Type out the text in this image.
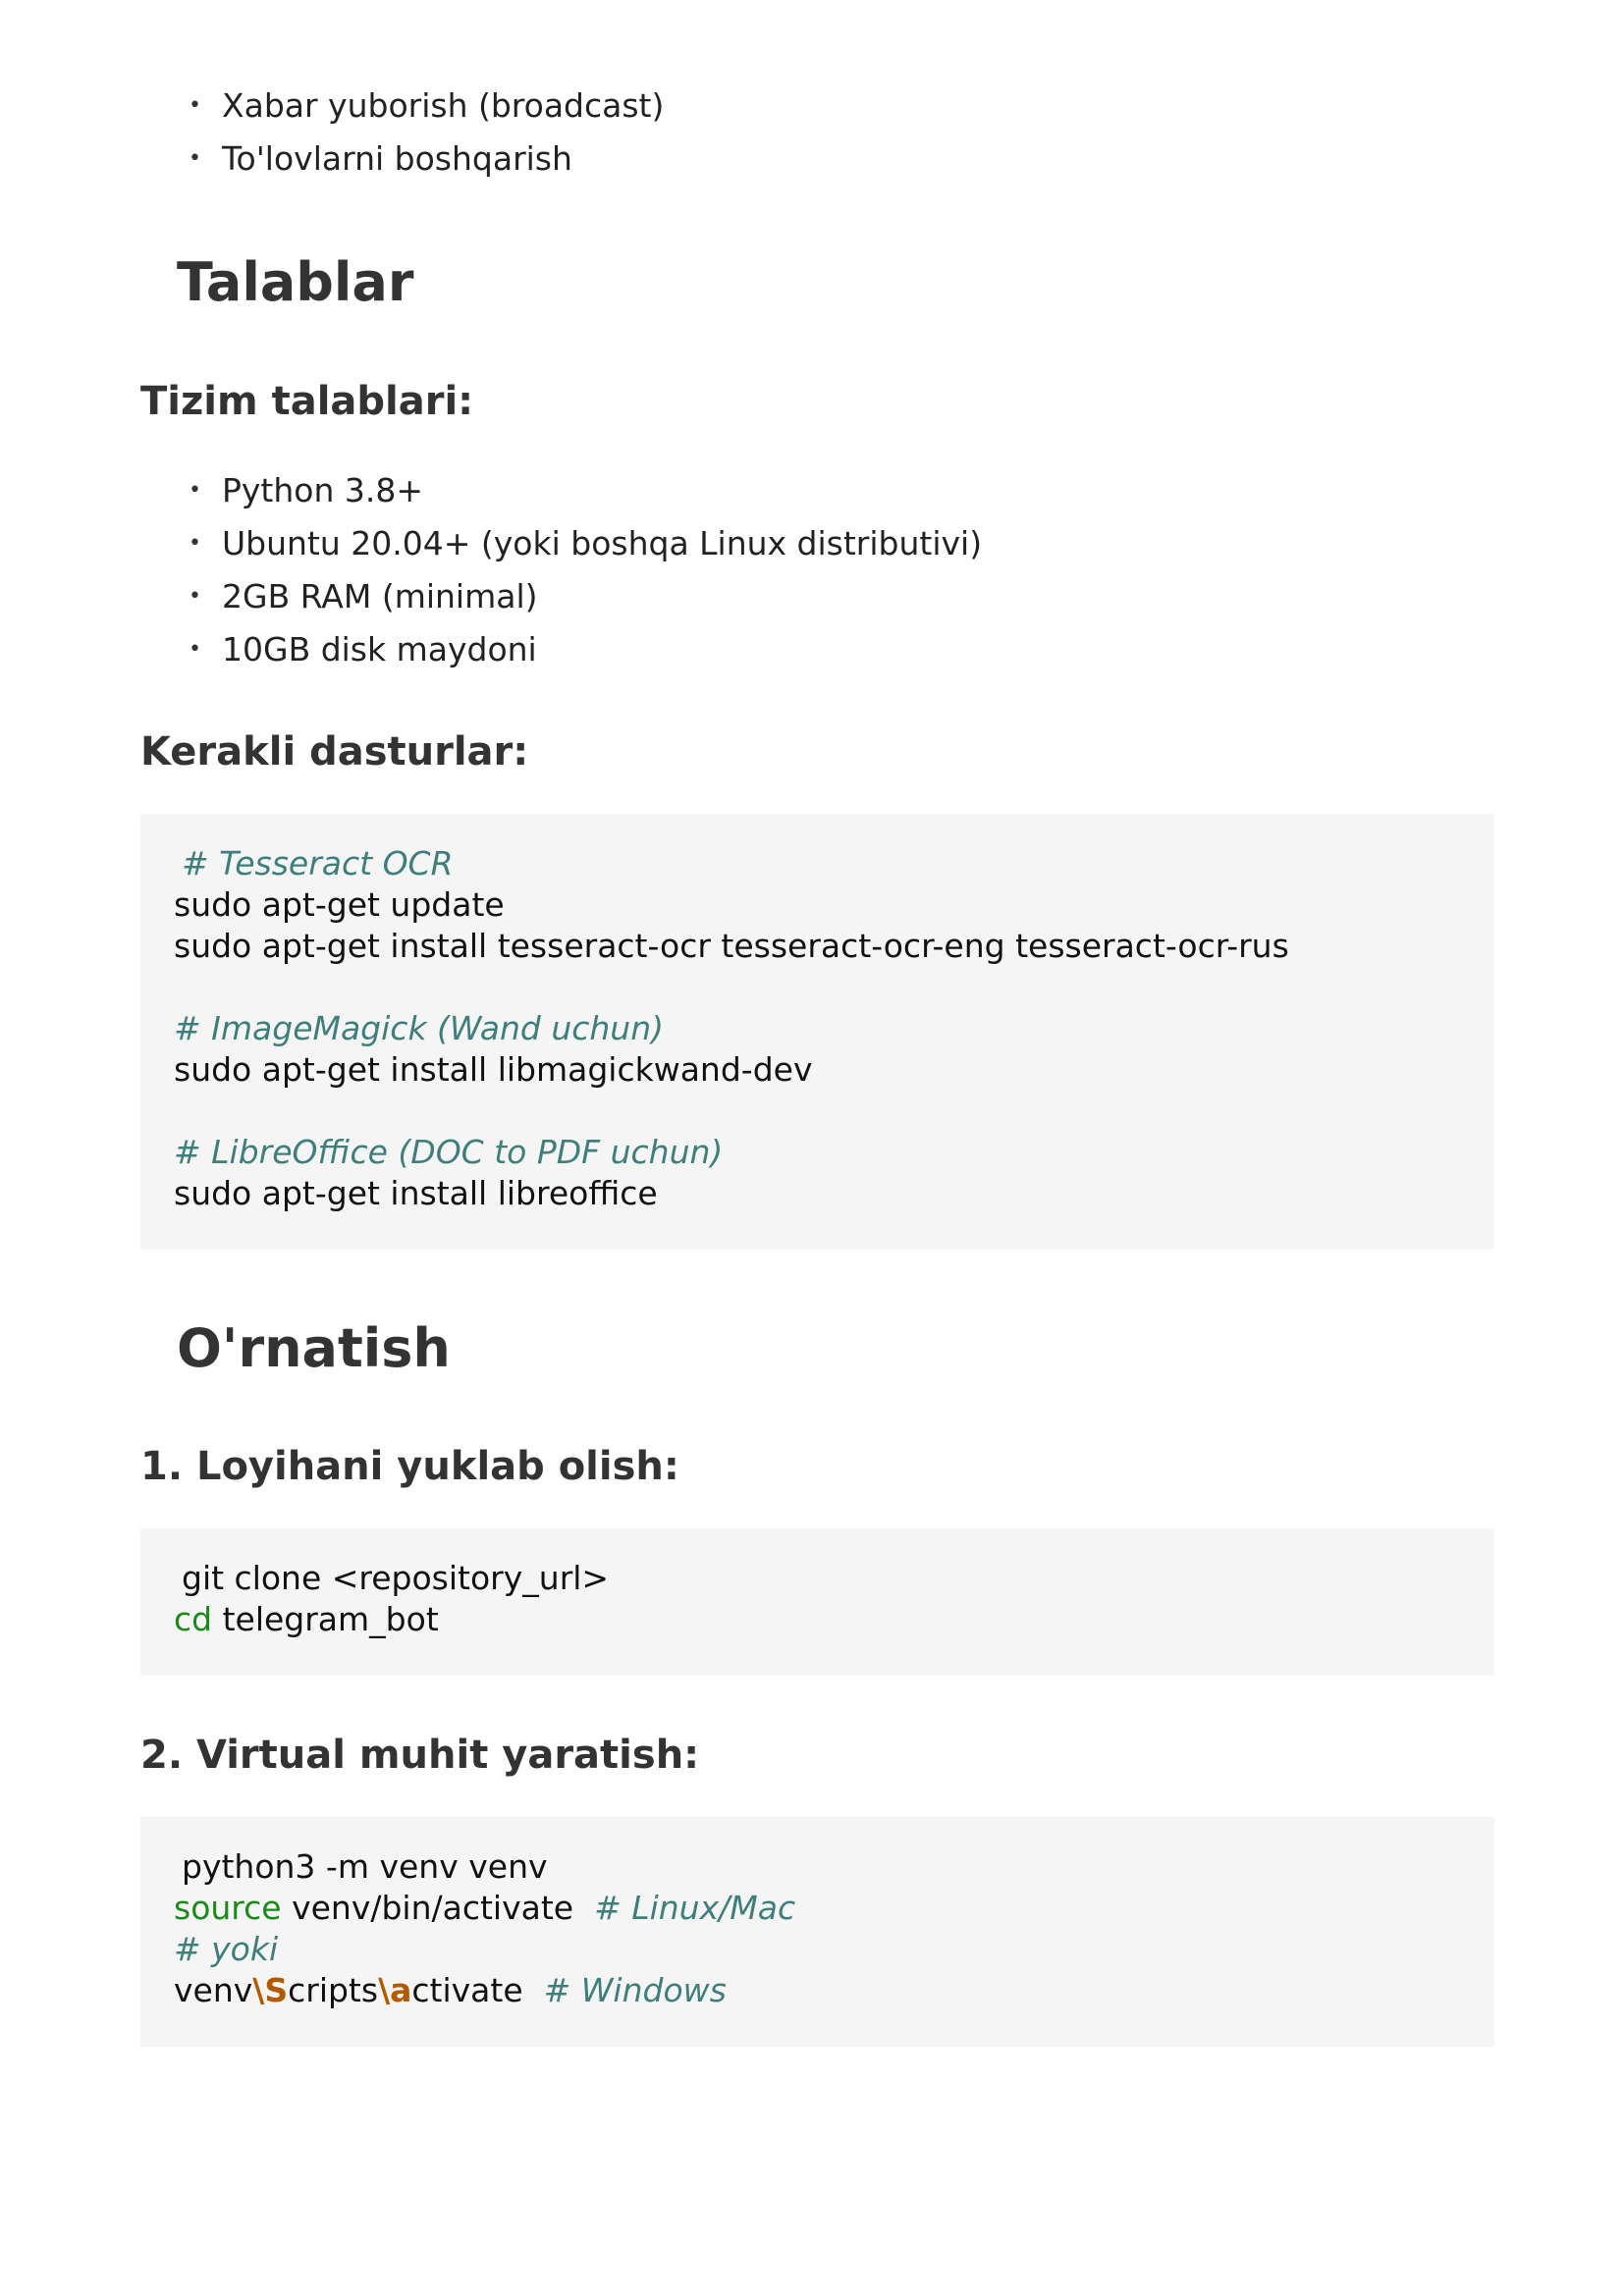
• Xabar yuborish (broadcast)
• To'lovlarni boshqarish
Talablar
Tizim talablari:
• Python 3.8+
• Ubuntu 20.04+ (yoki boshqa Linux distributivi)
• 2GB RAM (minimal)
• 10GB disk maydoni
Kerakli dasturlar:
# Tesseract OCR
sudo apt-get update
sudo apt-get install tesseract-ocr tesseract-ocr-eng tesseract-ocr-rus
# ImageMagick (Wand uchun)
sudo apt-get install libmagickwand-dev
# LibreOffice (DOC to PDF uchun)
sudo apt-get install libreoffice
O'rnatish
1. Loyihani yuklab olish:
git clone <repository_url>
cd telegram_bot
2. Virtual muhit yaratish:
python3 -m venv venv
source venv/bin/activate  # Linux/Mac
# yoki
venv\Scripts\activate  # Windows
